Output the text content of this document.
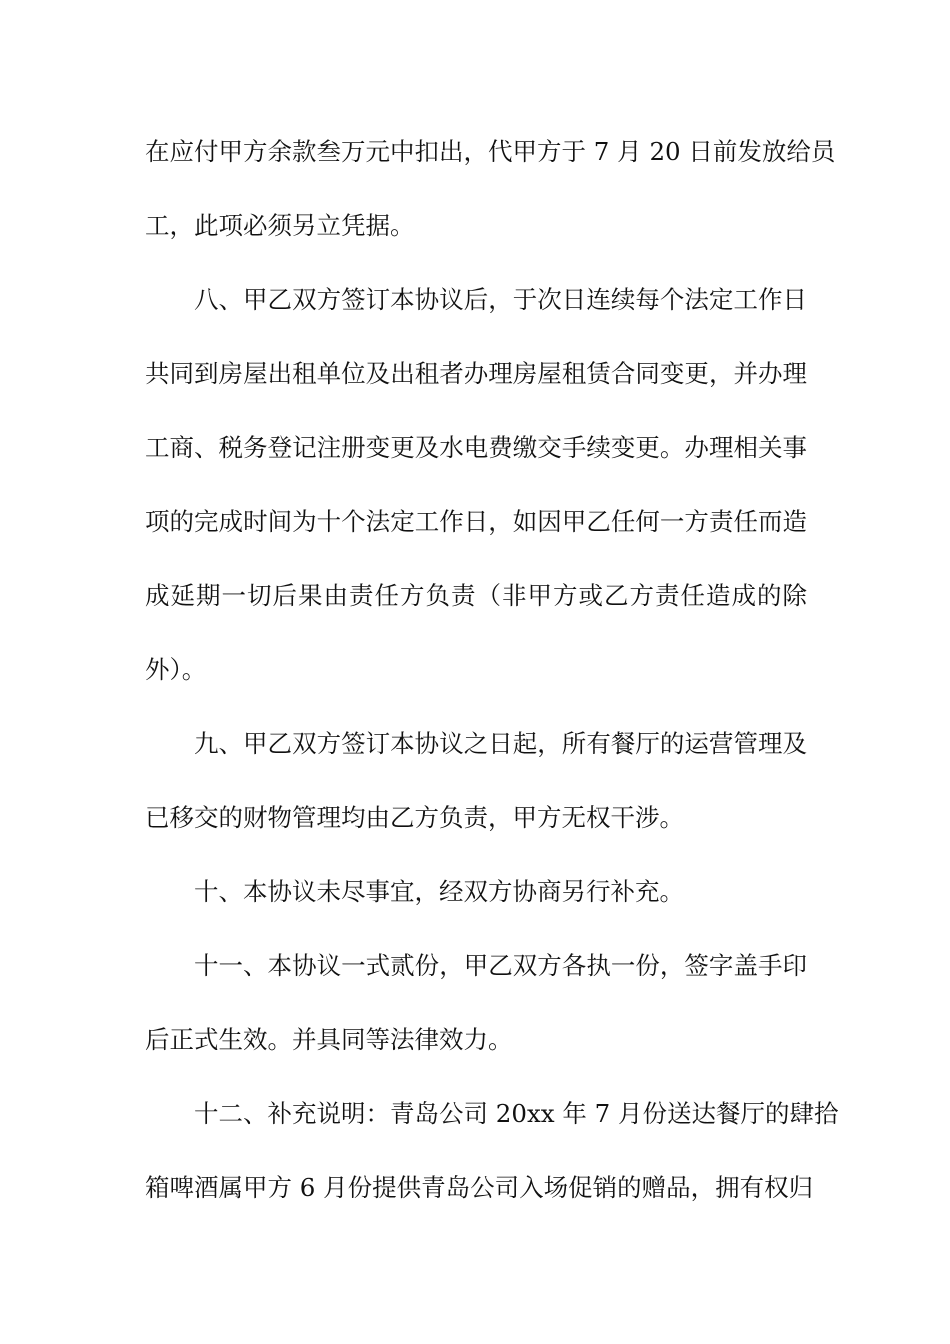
在应付甲方余款叁万元中扣出，代甲方于 7 月 20 日前发放给员
工，此项必须另立凭据。
八、甲乙双方签订本协议后，于次日连续每个法定工作日
共同到房屋出租单位及出租者办理房屋租赁合同变更，并办理
工商、税务登记注册变更及水电费缴交手续变更。办理相关事
项的完成时间为十个法定工作日，如因甲乙任何一方责任而造
成延期一切后果由责任方负责（非甲方或乙方责任造成的除
外）。
九、甲乙双方签订本协议之日起，所有餐厅的运营管理及
已移交的财物管理均由乙方负责，甲方无权干涉。
十、本协议未尽事宜，经双方协商另行补充。
十一、本协议一式贰份，甲乙双方各执一份，签字盖手印
后正式生效。并具同等法律效力。
十二、补充说明：青岛公司 20xx 年 7 月份送达餐厅的肆拾
箱啤酒属甲方 6 月份提供青岛公司入场促销的赠品，拥有权归
